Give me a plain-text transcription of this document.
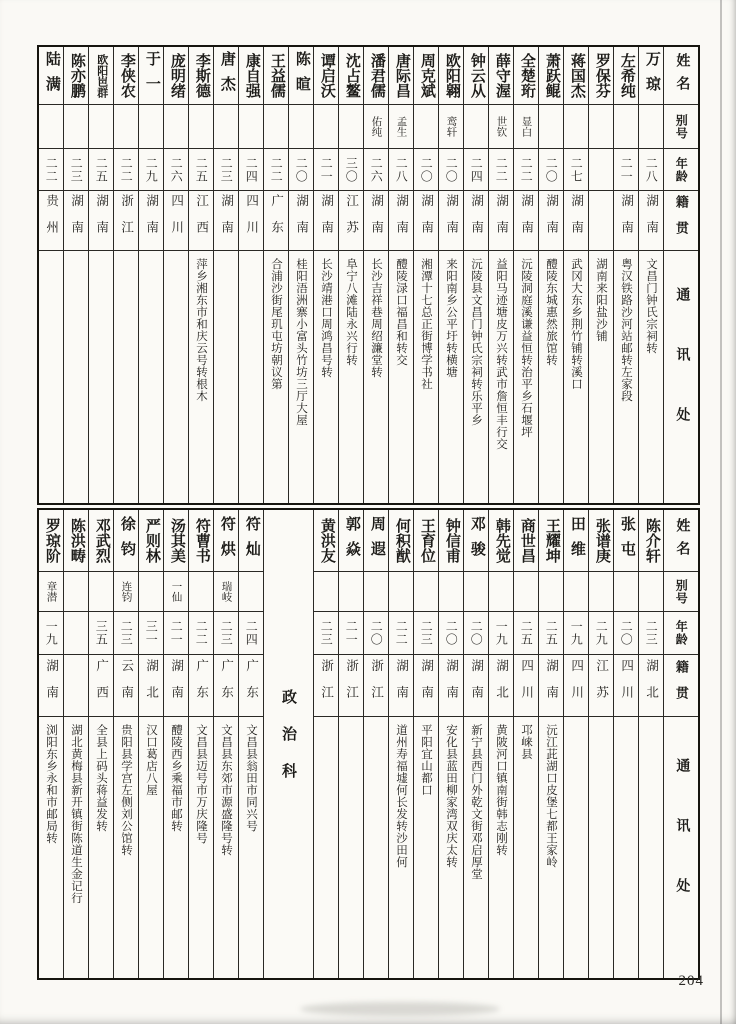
姓名
别号
年龄
籍贯
通讯处
万琼
二八
湖南
文昌门钟氏宗祠转
左希纯
二一
湖南
粤汉铁路沙河站邮转左家段
罗保芬
湖南来阳盐沙铺
蒋国杰
二七
湖南
武冈大东乡荆竹铺转溪口
萧跃鲲
二〇
湖南
醴陵东城惠然旅馆转
全楚珩
显白
二二
湖南
沅陵洞庭溪谦益恒转治平乡石堰坪
薛守渥
世钦
二二
湖南
益阳马迹塘皮万兴转武市詹恒丰行交
钟云从
二四
湖南
沅陵县文昌门钟氏宗祠转乐平乡
欧阳翱
鸾轩
二〇
湖南
来阳南乡公平圩转横塘
周克斌
二〇
湖南
湘潭十七总正街博学书社
唐际昌
孟生
二八
湖南
醴陵渌口福昌和转交
潘君儒
佑纯
二六
湖南
长沙吉祥巷周绍濂堂转
沈占鳌
三〇
江苏
阜宁八滩陆永兴行转
谭启沃
二一
湖南
长沙靖港口周鸿昌号转
陈暄
二〇
湖南
桂阳浯洲寨小富头竹坊三厅大屋
王益儒
二二
广东
合浦沙街尾玑屯坊朝议第
康自强
二四
四川
唐杰
二三
湖南
李斯德
二五
江西
萍乡湘东市和庆云号转根木
庞明绪
二六
四川
于一
二九
湖南
李侠农
二二
浙江
欧阳岜群
二五
湖南
陈亦鹏
二三
湖南
陆满
二二
贵州
姓名
别号
年龄
籍贯
通讯处
陈介轩
二三
湖北
张屯
二〇
四川
张谱庚
二九
江苏
田维
一九
四川
王耀坤
二五
湖南
沅江茈湖口皮堡七都王家岭
商世昌
二五
四川
邛崃县
韩先觉
一九
湖北
黄陂河口镇南街韩志刚转
邓骏
二〇
湖南
新宁县西门外乾文街邓启厚堂
钟信甫
二〇
湖南
安化县蓝田柳家湾双庆太转
王育位
二三
湖南
平阳宜山都口
何积猷
二二
湖南
道州寿福墟何长发转沙田何
周遐
二〇
浙江
郭焱
二一
浙江
黄洪友
二三
浙江
政治科
符灿
二四
广东
文昌县翁田市同兴号
符烘
瑞岐
二三
广东
文昌县东郊市源盛隆号转
符曹书
二二
广东
文昌县迈号市万庆隆号
汤其美
一仙
二一
湖南
醴陵西乡乘福市邮转
严则林
三一
湖北
汉口葛店八屋
徐钧
连钧
二三
云南
贵阳县学宫左侧刘公馆转
邓武烈
三五
广西
全县上码头蒋益发转
陈洪畴
湖北黄梅县新开镇街陈道生金记行
罗琼阶
章潜
一九
湖南
浏阳东乡永和市邮局转
204
